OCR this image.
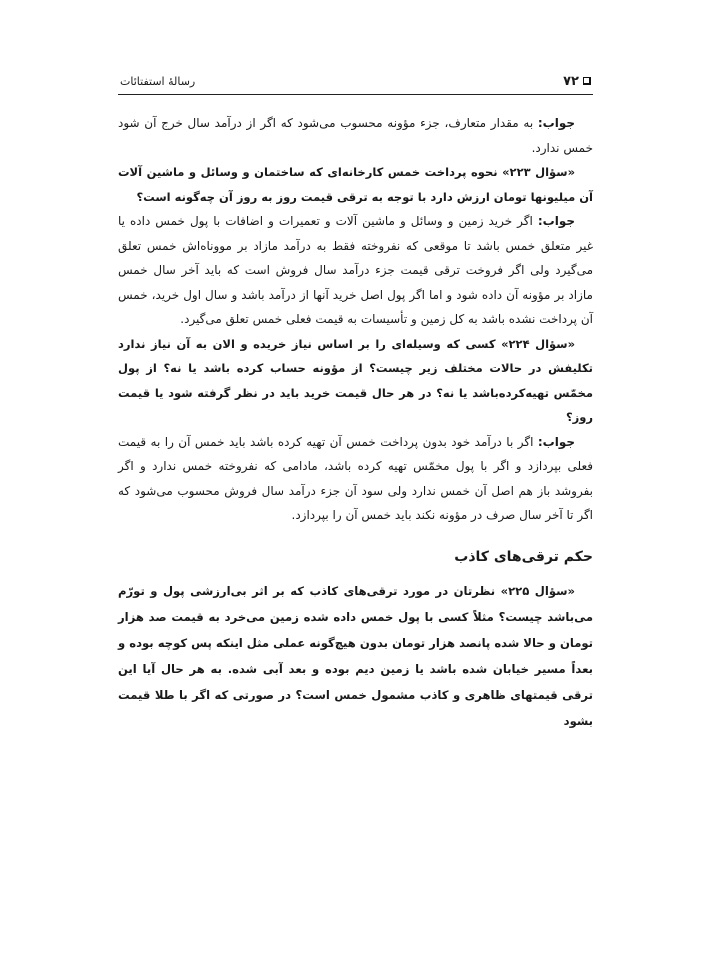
۷۲
رسالۀ استفتائات

جواب: به مقدار متعارف، جزء مؤونه محسوب می‌شود که اگر از درآمد سال خرج آن شود خمس ندارد.

«سؤال ۲۲۳» نحوه پرداخت خمس کارخانه‌ای که ساختمان و وسائل و ماشین آلات آن میلیونها تومان ارزش دارد با توجه به ترقی قیمت روز به روز آن چه‌گونه است؟

جواب: اگر خرید زمین و وسائل و ماشین آلات و تعمیرات و اضافات با پول خمس داده یا غیر متعلق خمس باشد تا موقعی که نفروخته فقط به درآمد مازاد بر مووناه‌اش خمس تعلق می‌گیرد ولی اگر فروخت ترقی قیمت جزء درآمد سال فروش است که باید آخر سال خمس مازاد بر مؤونه آن داده شود و اما اگر پول اصل خرید آنها از درآمد باشد و سال اول خرید، خمس آن پرداخت نشده باشد به کل زمین و تأسیسات به قیمت فعلی خمس تعلق می‌گیرد.

«سؤال ۲۲۴» کسی که وسیله‌ای را بر اساس نیاز خریده و الان به آن نیاز ندارد تکلیفش در حالات مختلف زیر چیست؟ از مؤونه حساب کرده باشد یا نه؟ از پول مخمّس تهیه‌کرده‌باشد یا نه؟ در هر حال قیمت خرید باید در نظر گرفته شود یا قیمت روز؟

جواب: اگر با درآمد خود بدون پرداخت خمس آن تهیه کرده باشد باید خمس آن را به قیمت فعلی بپردازد و اگر با پول مخمّس تهیه کرده باشد، مادامی که نفروخته خمس ندارد و اگر بفروشد باز هم اصل آن خمس ندارد ولی سود آن جزء درآمد سال فروش محسوب می‌شود که اگر تا آخر سال صرف در مؤونه نکند باید خمس آن را بپردازد.

حکم ترقی‌های کاذب

«سؤال ۲۲۵» نظرتان در مورد ترقی‌های کاذب که بر اثر بی‌ارزشی پول و تورّم می‌باشد چیست؟ مثلاً کسی با پول خمس داده شده زمین می‌خرد به قیمت صد هزار تومان و حالا شده پانصد هزار تومان بدون هیچ‌گونه عملی مثل اینکه پس کوچه بوده و بعداً مسیر خیابان شده باشد یا زمین دیم بوده و بعد آبی شده. به هر حال آیا این ترقی قیمتهای ظاهری و کاذب مشمول خمس است؟ در صورتی که اگر با طلا قیمت بشود
